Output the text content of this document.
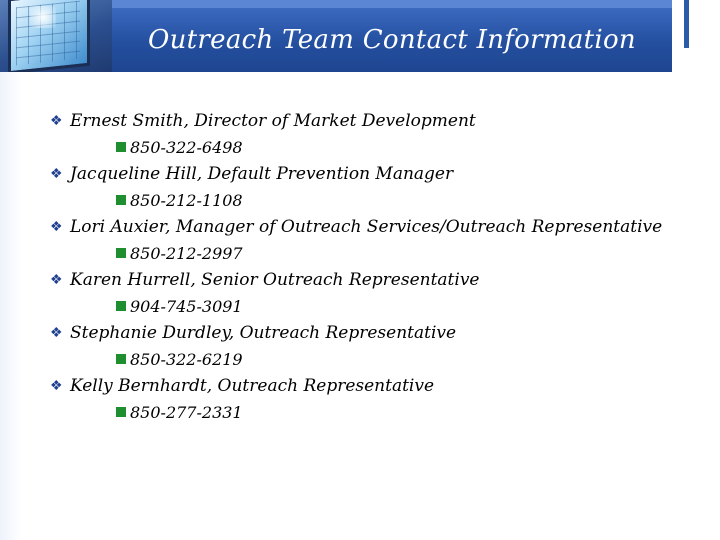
Outreach Team Contact Information
❖ Ernest Smith, Director of Market Development
850-322-6498
❖ Jacqueline Hill, Default Prevention Manager
850-212-1108
❖ Lori Auxier, Manager of Outreach Services/Outreach Representative
850-212-2997
❖ Karen Hurrell, Senior Outreach Representative
904-745-3091
❖ Stephanie Durdley, Outreach Representative
850-322-6219
❖ Kelly Bernhardt, Outreach Representative
850-277-2331
